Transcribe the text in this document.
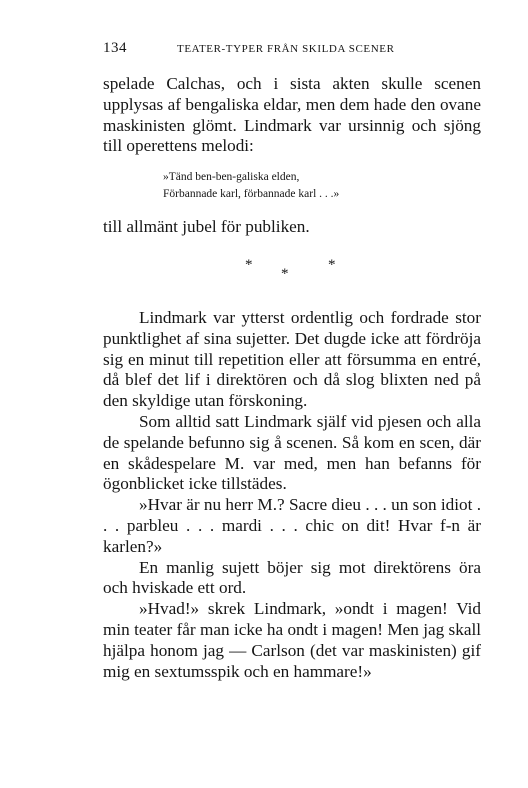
134	TEATER-TYPER FRÅN SKILDA SCENER

spelade Calchas, och i sista akten skulle scenen upplysas af bengaliska eldar, men dem hade den ovane maskinisten glömt. Lindmark var ursinnig och sjöng till operettens melodi:

»Tänd ben-ben-galiska elden,
Förbannade karl, förbannade karl . . .»

till allmänt jubel för publiken.

*
*
*

Lindmark var ytterst ordentlig och fordrade stor punktlighet af sina sujetter. Det dugde icke att fördröja sig en minut till repetition eller att försumma en entré, då blef det lif i direktören och då slog blixten ned på den skyldige utan förskoning.

Som alltid satt Lindmark själf vid pjesen och alla de spelande befunno sig å scenen. Så kom en scen, där en skådespelare M. var med, men han befanns för ögonblicket icke tillstädes.

»Hvar är nu herr M.? Sacre dieu . . . un son idiot . . . parbleu . . . mardi . . . chic on dit! Hvar f-n är karlen?»

En manlig sujett böjer sig mot direktörens öra och hviskade ett ord.

»Hvad!» skrek Lindmark, »ondt i magen! Vid min teater får man icke ha ondt i magen! Men jag skall hjälpa honom jag — Carlson (det var maskinisten) gif mig en sextumsspik och en hammare!»
